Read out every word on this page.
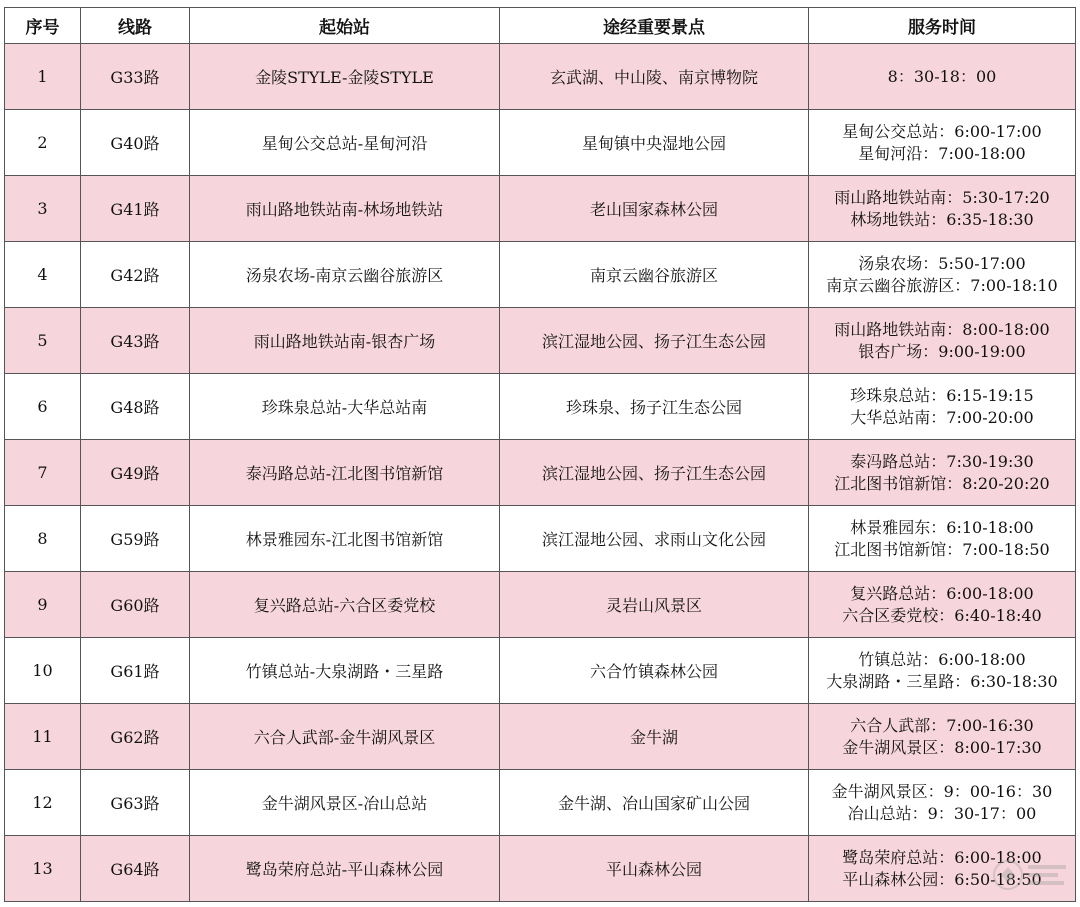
序号	线路	起始站	途经重要景点	服务时间
1	G33路	金陵STYLE-金陵STYLE	玄武湖、中山陵、南京博物院	8：30-18：00

2	G40路	星甸公交总站-星甸河沿	星甸镇中央湿地公园	星甸公交总站：6:00-17:00
星甸河沿：7:00-18:00

3	G41路	雨山路地铁站南-林场地铁站	老山国家森林公园	雨山路地铁站南：5:30-17:20
林场地铁站：6:35-18:30

4	G42路	汤泉农场-南京云幽谷旅游区	南京云幽谷旅游区	汤泉农场：5:50-17:00
南京云幽谷旅游区：7:00-18:10

5	G43路	雨山路地铁站南-银杏广场	滨江湿地公园、扬子江生态公园	雨山路地铁站南：8:00-18:00
银杏广场：9:00-19:00

6	G48路	珍珠泉总站-大华总站南	珍珠泉、扬子江生态公园	珍珠泉总站：6:15-19:15
大华总站南：7:00-20:00

7	G49路	泰冯路总站-江北图书馆新馆	滨江湿地公园、扬子江生态公园	泰冯路总站：7:30-19:30
江北图书馆新馆：8:20-20:20

8	G59路	林景雅园东-江北图书馆新馆	滨江湿地公园、求雨山文化公园	林景雅园东：6:10-18:00
江北图书馆新馆：7:00-18:50

9	G60路	复兴路总站-六合区委党校	灵岩山风景区	复兴路总站：6:00-18:00
六合区委党校：6:40-18:40

10	G61路	竹镇总站-大泉湖路・三星路	六合竹镇森林公园	竹镇总站：6:00-18:00
大泉湖路・三星路：6:30-18:30

11	G62路	六合人武部-金牛湖风景区	金牛湖	六合人武部：7:00-16:30
金牛湖风景区：8:00-17:30

12	G63路	金牛湖风景区-冶山总站	金牛湖、冶山国家矿山公园	金牛湖风景区：9：00-16：30
冶山总站：9：30-17：00

13	G64路	鹭岛荣府总站-平山森林公园	平山森林公园	鹭岛荣府总站：6:00-18:00
平山森林公园：6:50-18:50
